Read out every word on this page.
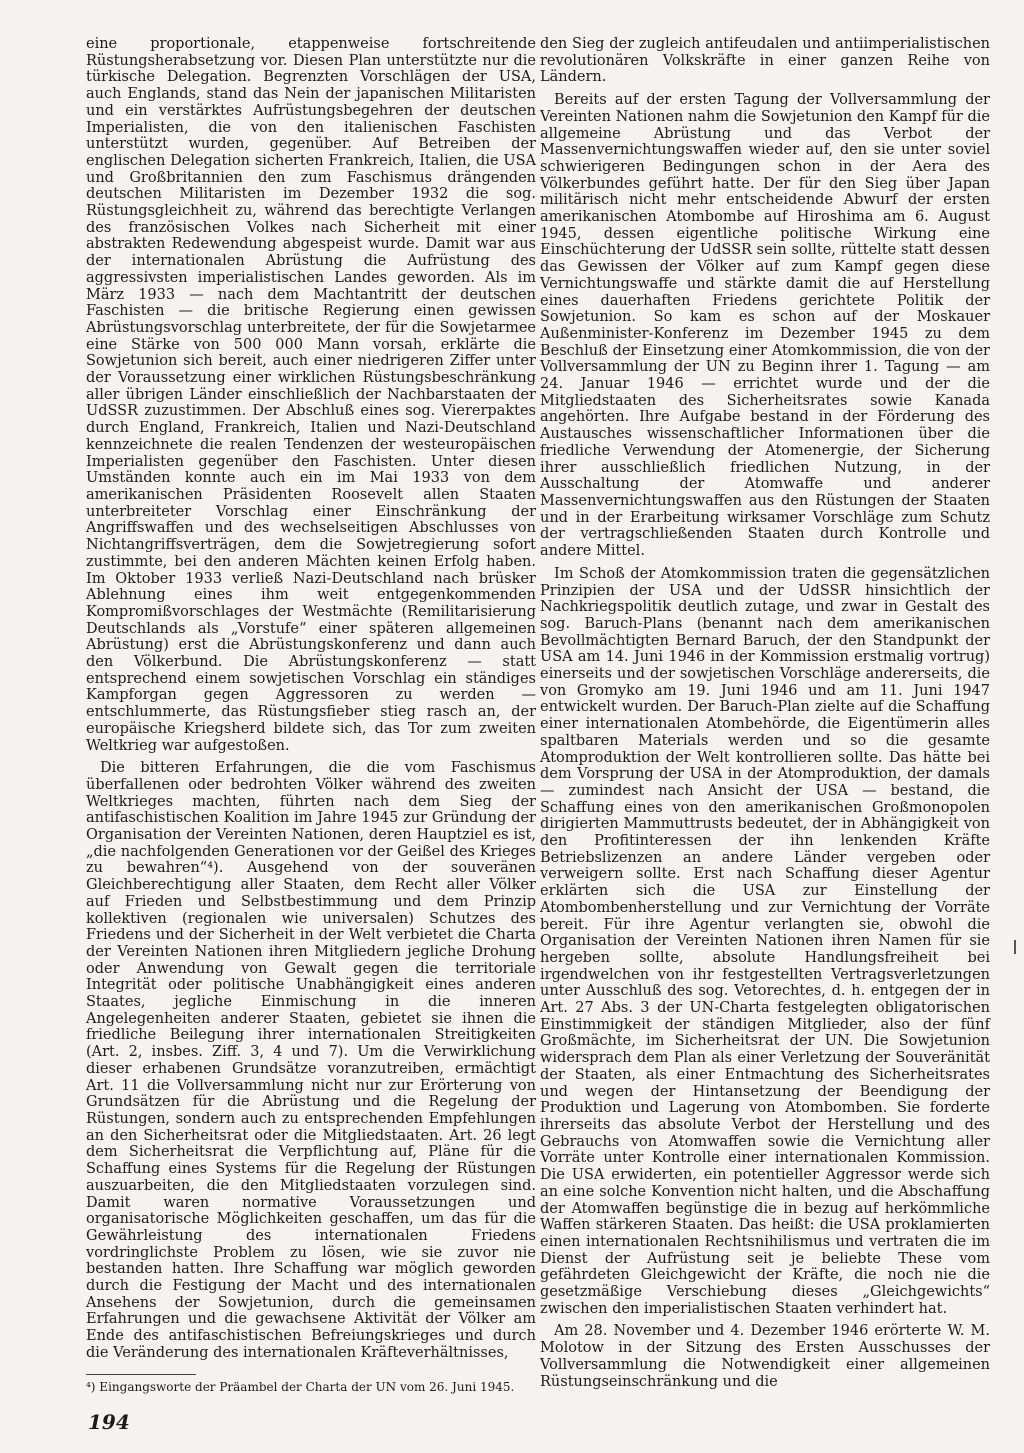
eine proportionale, etappenweise fortschreitende Rüstungsherabsetzung vor. Diesen Plan unterstützte nur die türkische Delegation. Begrenzten Vorschlägen der USA, auch Englands, stand das Nein der japanischen Militaristen und ein verstärktes Aufrüstungsbegehren der deutschen Imperialisten, die von den italienischen Faschisten unterstützt wurden, gegenüber. Auf Betreiben der englischen Delegation sicherten Frankreich, Italien, die USA und Großbritannien den zum Faschismus drängenden deutschen Militaristen im Dezember 1932 die sog. Rüstungsgleichheit zu, während das berechtigte Verlangen des französischen Volkes nach Sicherheit mit einer abstrakten Redewendung abgespeist wurde. Damit war aus der internationalen Abrüstung die Aufrüstung des aggressivsten imperialistischen Landes geworden. Als im März 1933 — nach dem Machtantritt der deutschen Faschisten — die britische Regierung einen gewissen Abrüstungsvorschlag unterbreitete, der für die Sowjetarmee eine Stärke von 500 000 Mann vorsah, erklärte die Sowjetunion sich bereit, auch einer niedrigeren Ziffer unter der Voraussetzung einer wirklichen Rüstungsbeschränkung aller übrigen Länder einschließlich der Nachbarstaaten der UdSSR zuzustimmen. Der Abschluß eines sog. Viererpaktes durch England, Frankreich, Italien und Nazi-Deutschland kennzeichnete die realen Tendenzen der westeuropäischen Imperialisten gegenüber den Faschisten. Unter diesen Umständen konnte auch ein im Mai 1933 von dem amerikanischen Präsidenten Roosevelt allen Staaten unterbreiteter Vorschlag einer Einschränkung der Angriffswaffen und des wechselseitigen Abschlusses von Nichtangriffsverträgen, dem die Sowjetregierung sofort zustimmte, bei den anderen Mächten keinen Erfolg haben. Im Oktober 1933 verließ Nazi-Deutschland nach brüsker Ablehnung eines ihm weit entgegenkommenden Kompromißvorschlages der Westmächte (Remilitarisierung Deutschlands als „Vorstufe“ einer späteren allgemeinen Abrüstung) erst die Abrüstungskonferenz und dann auch den Völkerbund. Die Abrüstungskonferenz — statt entsprechend einem sowjetischen Vorschlag ein ständiges Kampforgan gegen Aggressoren zu werden — entschlummerte, das Rüstungsfieber stieg rasch an, der europäische Kriegsherd bildete sich, das Tor zum zweiten Weltkrieg war aufgestoßen.

Die bitteren Erfahrungen, die die vom Faschismus überfallenen oder bedrohten Völker während des zweiten Weltkrieges machten, führten nach dem Sieg der antifaschistischen Koalition im Jahre 1945 zur Gründung der Organisation der Vereinten Nationen, deren Hauptziel es ist, „die nachfolgenden Generationen vor der Geißel des Krieges zu bewahren“⁴). Ausgehend von der souveränen Gleichberechtigung aller Staaten, dem Recht aller Völker auf Frieden und Selbstbestimmung und dem Prinzip kollektiven (regionalen wie universalen) Schutzes des Friedens und der Sicherheit in der Welt verbietet die Charta der Vereinten Nationen ihren Mitgliedern jegliche Drohung oder Anwendung von Gewalt gegen die territoriale Integrität oder politische Unabhängigkeit eines anderen Staates, jegliche Einmischung in die inneren Angelegenheiten anderer Staaten, gebietet sie ihnen die friedliche Beilegung ihrer internationalen Streitigkeiten (Art. 2, insbes. Ziff. 3, 4 und 7). Um die Verwirklichung dieser erhabenen Grundsätze voranzutreiben, ermächtigt Art. 11 die Vollversammlung nicht nur zur Erörterung von Grundsätzen für die Abrüstung und die Regelung der Rüstungen, sondern auch zu entsprechenden Empfehlungen an den Sicherheitsrat oder die Mitgliedstaaten. Art. 26 legt dem Sicherheitsrat die Verpflichtung auf, Pläne für die Schaffung eines Systems für die Regelung der Rüstungen auszuarbeiten, die den Mitgliedstaaten vorzulegen sind. Damit waren normative Voraussetzungen und organisatorische Möglichkeiten geschaffen, um das für die Gewährleistung des internationalen Friedens vordringlichste Problem zu lösen, wie sie zuvor nie bestanden hatten. Ihre Schaffung war möglich geworden durch die Festigung der Macht und des internationalen Ansehens der Sowjetunion, durch die gemeinsamen Erfahrungen und die gewachsene Aktivität der Völker am Ende des antifaschistischen Befreiungskrieges und durch die Veränderung des internationalen Kräfteverhältnisses,

den Sieg der zugleich antifeudalen und antiimperialistischen revolutionären Volkskräfte in einer ganzen Reihe von Ländern.

Bereits auf der ersten Tagung der Vollversammlung der Vereinten Nationen nahm die Sowjetunion den Kampf für die allgemeine Abrüstung und das Verbot der Massenvernichtungswaffen wieder auf, den sie unter soviel schwierigeren Bedingungen schon in der Aera des Völkerbundes geführt hatte. Der für den Sieg über Japan militärisch nicht mehr entscheidende Abwurf der ersten amerikanischen Atombombe auf Hiroshima am 6. August 1945, dessen eigentliche politische Wirkung eine Einschüchterung der UdSSR sein sollte, rüttelte statt dessen das Gewissen der Völker auf zum Kampf gegen diese Vernichtungswaffe und stärkte damit die auf Herstellung eines dauerhaften Friedens gerichtete Politik der Sowjetunion. So kam es schon auf der Moskauer Außenminister-Konferenz im Dezember 1945 zu dem Beschluß der Einsetzung einer Atomkommission, die von der Vollversammlung der UN zu Beginn ihrer 1. Tagung — am 24. Januar 1946 — errichtet wurde und der die Mitgliedstaaten des Sicherheitsrates sowie Kanada angehörten. Ihre Aufgabe bestand in der Förderung des Austausches wissenschaftlicher Informationen über die friedliche Verwendung der Atomenergie, der Sicherung ihrer ausschließlich friedlichen Nutzung, in der Ausschaltung der Atomwaffe und anderer Massenvernichtungswaffen aus den Rüstungen der Staaten und in der Erarbeitung wirksamer Vorschläge zum Schutz der vertragschließenden Staaten durch Kontrolle und andere Mittel.

Im Schoß der Atomkommission traten die gegensätzlichen Prinzipien der USA und der UdSSR hinsichtlich der Nachkriegspolitik deutlich zutage, und zwar in Gestalt des sog. Baruch-Plans (benannt nach dem amerikanischen Bevollmächtigten Bernard Baruch, der den Standpunkt der USA am 14. Juni 1946 in der Kommission erstmalig vortrug) einerseits und der sowjetischen Vorschläge andererseits, die von Gromyko am 19. Juni 1946 und am 11. Juni 1947 entwickelt wurden. Der Baruch-Plan zielte auf die Schaffung einer internationalen Atombehörde, die Eigentümerin alles spaltbaren Materials werden und so die gesamte Atomproduktion der Welt kontrollieren sollte. Das hätte bei dem Vorsprung der USA in der Atomproduktion, der damals — zumindest nach Ansicht der USA — bestand, die Schaffung eines von den amerikanischen Großmonopolen dirigierten Mammuttrusts bedeutet, der in Abhängigkeit von den Profitinteressen der ihn lenkenden Kräfte Betriebslizenzen an andere Länder vergeben oder verweigern sollte. Erst nach Schaffung dieser Agentur erklärten sich die USA zur Einstellung der Atombombenherstellung und zur Vernichtung der Vorräte bereit. Für ihre Agentur verlangten sie, obwohl die Organisation der Vereinten Nationen ihren Namen für sie hergeben sollte, absolute Handlungsfreiheit bei irgendwelchen von ihr festgestellten Vertragsverletzungen unter Ausschluß des sog. Vetorechtes, d. h. entgegen der in Art. 27 Abs. 3 der UN-Charta festgelegten obligatorischen Einstimmigkeit der ständigen Mitglieder, also der fünf Großmächte, im Sicherheitsrat der UN. Die Sowjetunion widersprach dem Plan als einer Verletzung der Souveränität der Staaten, als einer Entmachtung des Sicherheitsrates und wegen der Hintansetzung der Beendigung der Produktion und Lagerung von Atombomben. Sie forderte ihrerseits das absolute Verbot der Herstellung und des Gebrauchs von Atomwaffen sowie die Vernichtung aller Vorräte unter Kontrolle einer internationalen Kommission. Die USA erwiderten, ein potentieller Aggressor werde sich an eine solche Konvention nicht halten, und die Abschaffung der Atomwaffen begünstige die in bezug auf herkömmliche Waffen stärkeren Staaten. Das heißt: die USA proklamierten einen internationalen Rechtsnihilismus und vertraten die im Dienst der Aufrüstung seit je beliebte These vom gefährdeten Gleichgewicht der Kräfte, die noch nie die gesetzmäßige Verschiebung dieses „Gleichgewichts“ zwischen den imperialistischen Staaten verhindert hat.

Am 28. November und 4. Dezember 1946 erörterte W. M. Molotow in der Sitzung des Ersten Ausschusses der Vollversammlung die Notwendigkeit einer allgemeinen Rüstungseinschränkung und die

⁴) Eingangsworte der Präambel der Charta der UN vom 26. Juni 1945.
194
